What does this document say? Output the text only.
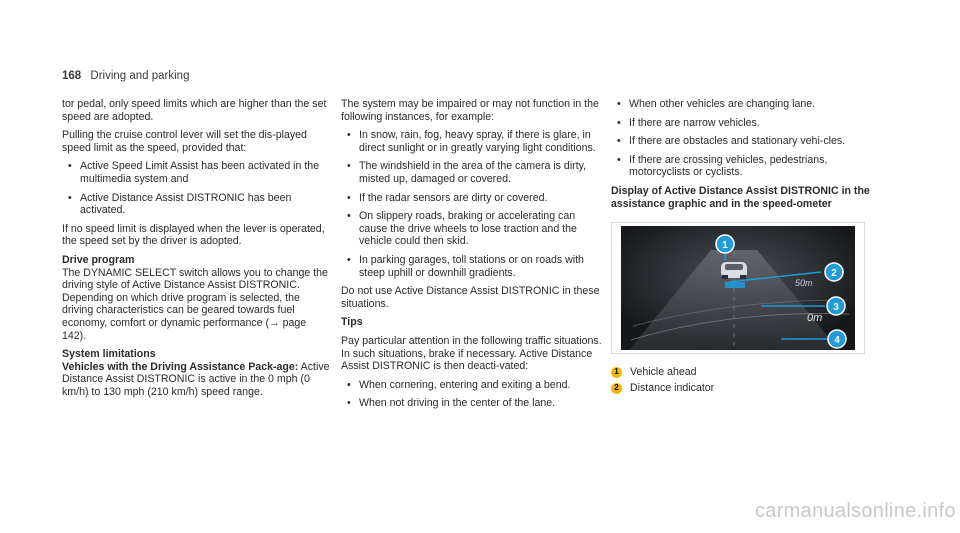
168 Driving and parking

tor pedal, only speed limits which are higher than the set speed are adopted.

Pulling the cruise control lever will set the dis-played speed limit as the speed, provided that:

• Active Speed Limit Assist has been activated in the multimedia system and
• Active Distance Assist DISTRONIC has been activated.

If no speed limit is displayed when the lever is operated, the speed set by the driver is adopted.

Drive program
The DYNAMIC SELECT switch allows you to change the driving style of Active Distance Assist DISTRONIC. Depending on which drive program is selected, the driving characteristics can be geared towards fuel economy, comfort or dynamic performance (→ page 142).
System limitations
Vehicles with the Driving Assistance Pack-age: Active Distance Assist DISTRONIC is active in the 0 mph (0 km/h) to 130 mph (210 km/h) speed range.

The system may be impaired or may not function in the following instances, for example:

• In snow, rain, fog, heavy spray, if there is glare, in direct sunlight or in greatly varying light conditions.
• The windshield in the area of the camera is dirty, misted up, damaged or covered.
• If the radar sensors are dirty or covered.
• On slippery roads, braking or accelerating can cause the drive wheels to lose traction and the vehicle could then skid.
• In parking garages, toll stations or on roads with steep uphill or downhill gradients.

Do not use Active Distance Assist DISTRONIC in these situations.

Tips

Pay particular attention in the following traffic situations. In such situations, brake if necessary. Active Distance Assist DISTRONIC is then deacti-vated:

• When cornering, entering and exiting a bend.
• When not driving in the center of the lane.
• When other vehicles are changing lane.
• If there are narrow vehicles.
• If there are obstacles and stationary vehi-cles.
• If there are crossing vehicles, pedestrians, motorcyclists or cyclists.
Display of Active Distance Assist DISTRONIC in the assistance graphic and in the speed-ometer
50m
0m
1
2
3
4
1	Vehicle ahead
2	Distance indicator
carmanualsonline.info
